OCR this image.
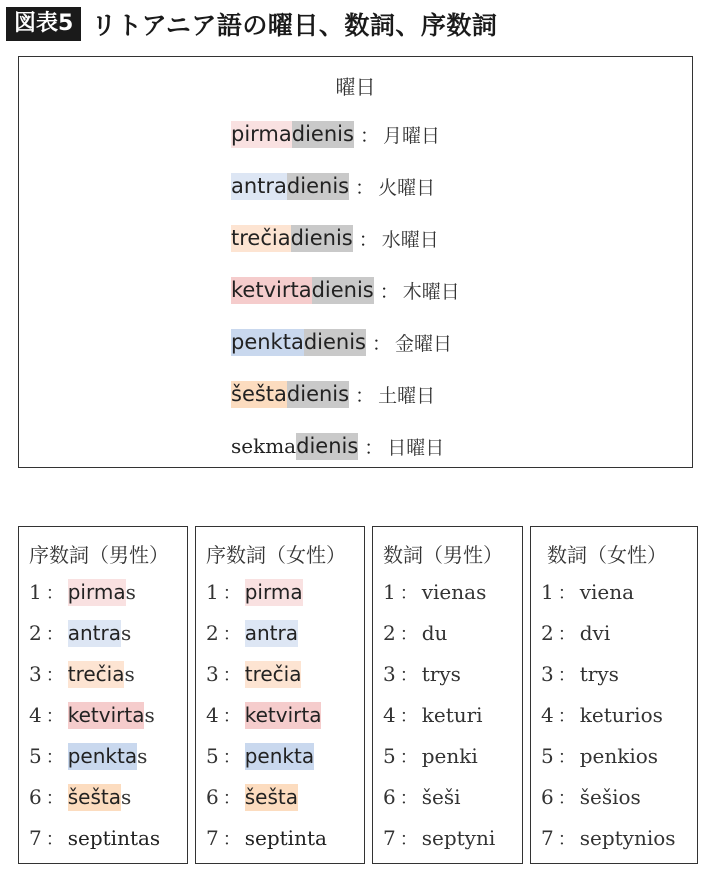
図表5 リトアニア語の曜日、数詞、序数詞
曜日
pirma dienis ： 月曜日
antra dienis ： 火曜日
trečia dienis ： 水曜日
ketvirta dienis ： 木曜日
penkta dienis ： 金曜日
šešta dienis ： 土曜日
sekma dienis ： 日曜日
序数詞（男性）
1 ： pirma s
2 ： antra s
3 ： trečia s
4 ： ketvirta s
5 ： penkta s
6 ： šešta s
7 ： septintas
序数詞（女性）
1 ： pirma
2 ： antra
3 ： trečia
4 ： ketvirta
5 ： penkta
6 ： šešta
7 ： septinta
数詞（男性）
1 ： vienas
2 ： du
3 ： trys
4 ： keturi
5 ： penki
6 ： šeši
7 ： septyni
数詞（女性）
1 ： viena
2 ： dvi
3 ： trys
4 ： keturios
5 ： penkios
6 ： šešios
7 ： septynios
